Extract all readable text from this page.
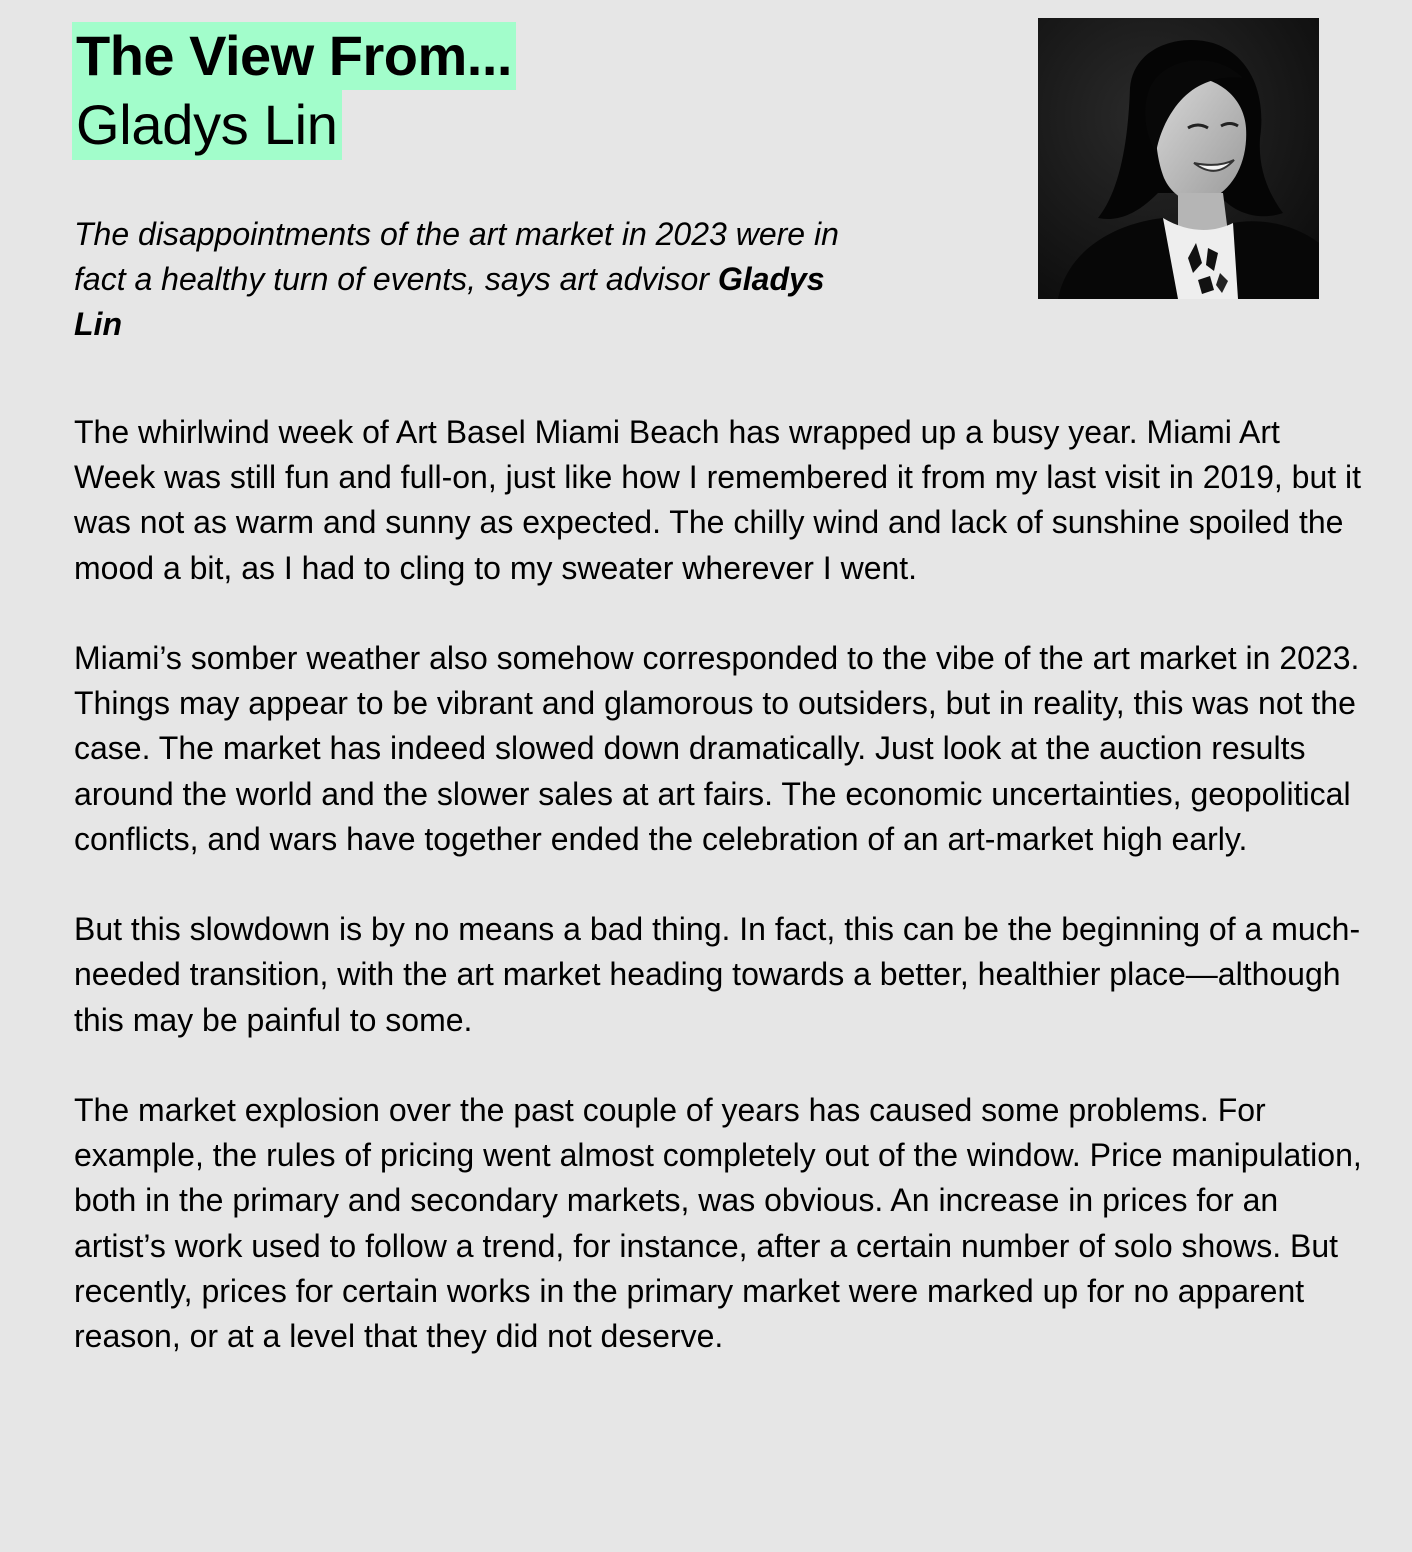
The View From...
Gladys Lin
The disappointments of the art market in 2023 were in fact a healthy turn of events, says art advisor Gladys Lin

The whirlwind week of Art Basel Miami Beach has wrapped up a busy year. Miami Art Week was still fun and full-on, just like how I remembered it from my last visit in 2019, but it was not as warm and sunny as expected. The chilly wind and lack of sunshine spoiled the mood a bit, as I had to cling to my sweater wherever I went.

Miami’s somber weather also somehow corresponded to the vibe of the art market in 2023. Things may appear to be vibrant and glamorous to outsiders, but in reality, this was not the case. The market has indeed slowed down dramatically. Just look at the auction results around the world and the slower sales at art fairs. The economic uncertainties, geopolitical conflicts, and wars have together ended the celebration of an art-market high early.

But this slowdown is by no means a bad thing. In fact, this can be the beginning of a much-needed transition, with the art market heading towards a better, healthier place—although this may be painful to some.

The market explosion over the past couple of years has caused some problems. For example, the rules of pricing went almost completely out of the window. Price manipulation, both in the primary and secondary markets, was obvious. An increase in prices for an artist’s work used to follow a trend, for instance, after a certain number of solo shows. But recently, prices for certain works in the primary market were marked up for no apparent reason, or at a level that they did not deserve.
